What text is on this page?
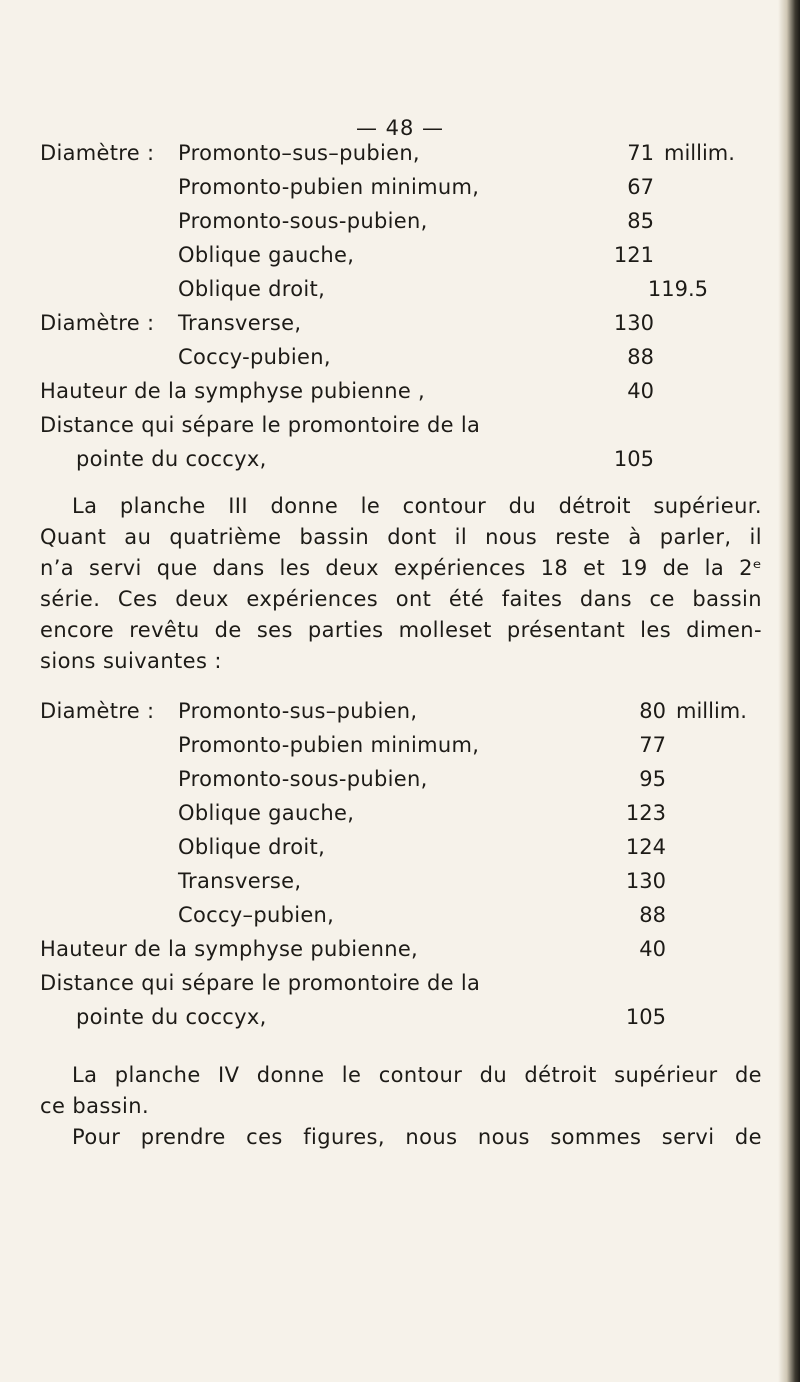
— 48 —
Diamètre : Promonto–sus–pubien,	71 millim.
Promonto-pubien minimum,	67
Promonto-sous-pubien,	85
Oblique gauche,	121
Oblique droit,	119.5
Diamètre : Transverse,	130
Coccy-pubien,	88
Hauteur de la symphyse pubienne ,	40
Distance qui sépare le promontoire de la
pointe du coccyx,	105
La planche III donne le contour du détroit supérieur.
Quant au quatrième bassin dont il nous reste à parler, il
n’a servi que dans les deux expériences 18 et 19 de la 2ᵉ
série. Ces deux expériences ont été faites dans ce bassin
encore revêtu de ses parties molleset présentant les dimen-
sions suivantes :
Diamètre : Promonto-sus–pubien,	80 millim.
Promonto-pubien minimum,	77
Promonto-sous-pubien,	95
Oblique gauche,	123
Oblique droit,	124
Transverse,	130
Coccy–pubien,	88
Hauteur de la symphyse pubienne,	40
Distance qui sépare le promontoire de la
pointe du coccyx,	105
La planche IV donne le contour du détroit supérieur de
ce bassin.
Pour prendre ces figures, nous nous sommes servi de
